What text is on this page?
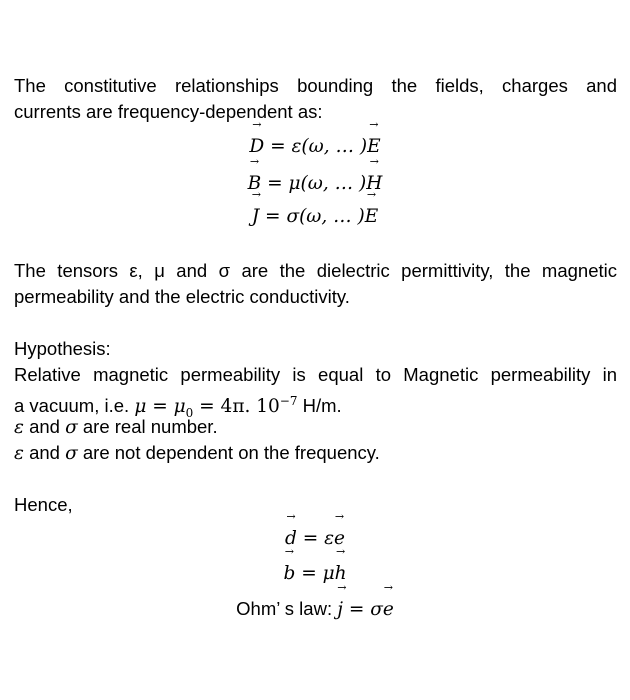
The constitutive relationships bounding the fields, charges and
currents are frequency-dependent as:
→ D = ε(ω, … )→ E
→ B = μ(ω, … )→ H
→ J = σ(ω, … )→ E
The tensors ε, μ and σ are the dielectric permittivity, the magnetic
permeability and the electric conductivity.
Hypothesis:
Relative magnetic permeability is equal to Magnetic permeability in
a vacuum, i.e. $\mu = \mu_0 = 4\pi$. $10^{-7}$ H/m.
ε and σ are real number.
ε and σ are not dependent on the frequency.
Hence,
→ d = ε→ e
→ b = μ→ h
Ohm’ s law: → j = σ→ e
